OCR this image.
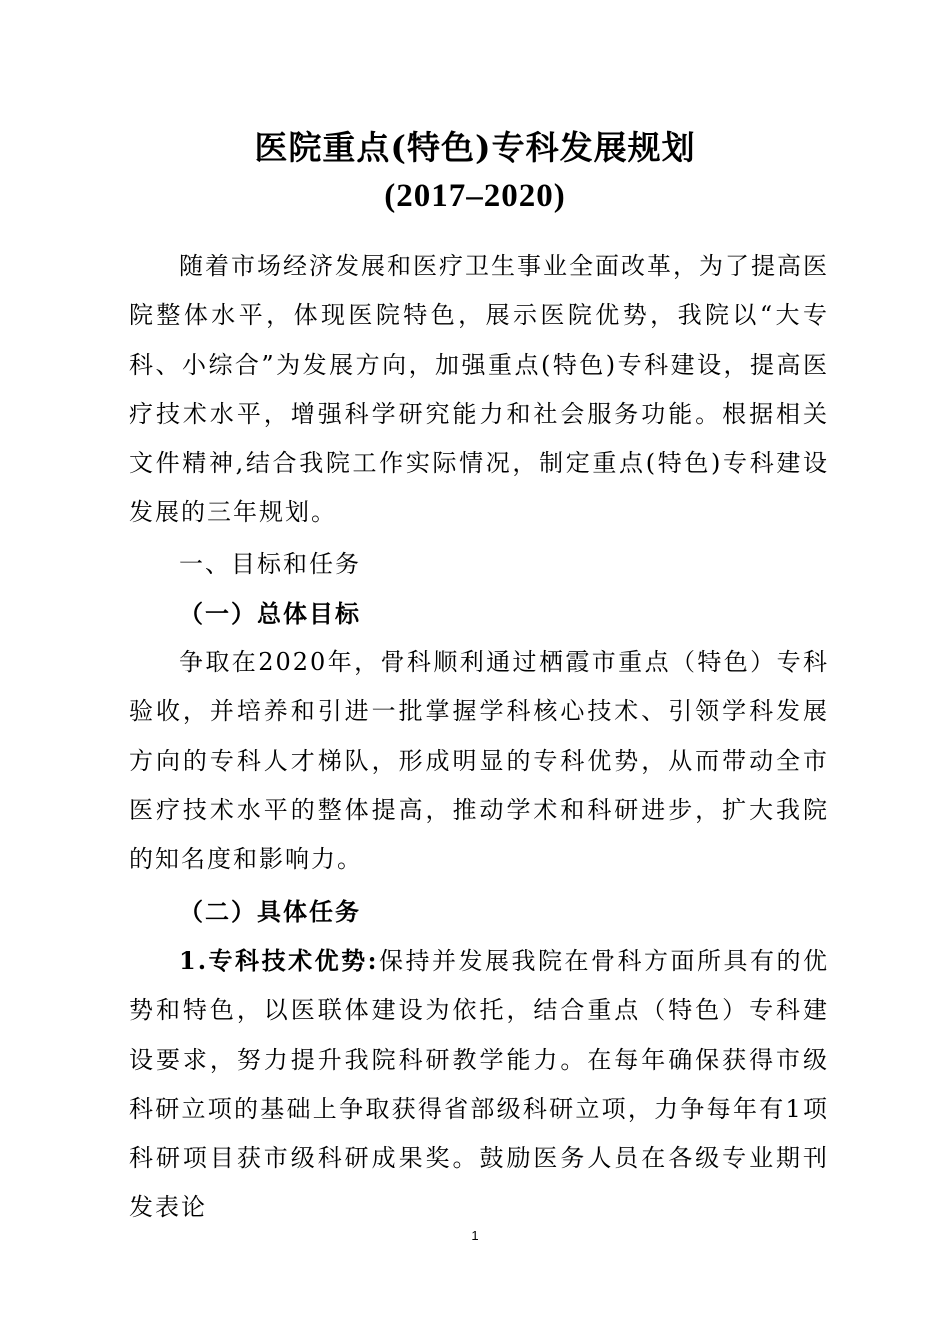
医院重点(特色)专科发展规划
(2017–2020)
随着市场经济发展和医疗卫生事业全面改革，为了提高医院整体水平，体现医院特色，展示医院优势，我院以“大专科、小综合”为发展方向，加强重点(特色)专科建设，提高医疗技术水平，增强科学研究能力和社会服务功能。根据相关文件精神,结合我院工作实际情况，制定重点(特色)专科建设发展的三年规划。
一、目标和任务
（一）总体目标
争取在2020年，骨科顺利通过栖霞市重点（特色）专科验收，并培养和引进一批掌握学科核心技术、引领学科发展方向的专科人才梯队，形成明显的专科优势，从而带动全市医疗技术水平的整体提高，推动学术和科研进步，扩大我院的知名度和影响力。
（二）具体任务
1.专科技术优势:保持并发展我院在骨科方面所具有的优势和特色，以医联体建设为依托，结合重点（特色）专科建设要求，努力提升我院科研教学能力。在每年确保获得市级科研立项的基础上争取获得省部级科研立项，力争每年有1项科研项目获市级科研成果奖。鼓励医务人员在各级专业期刊发表论
1
